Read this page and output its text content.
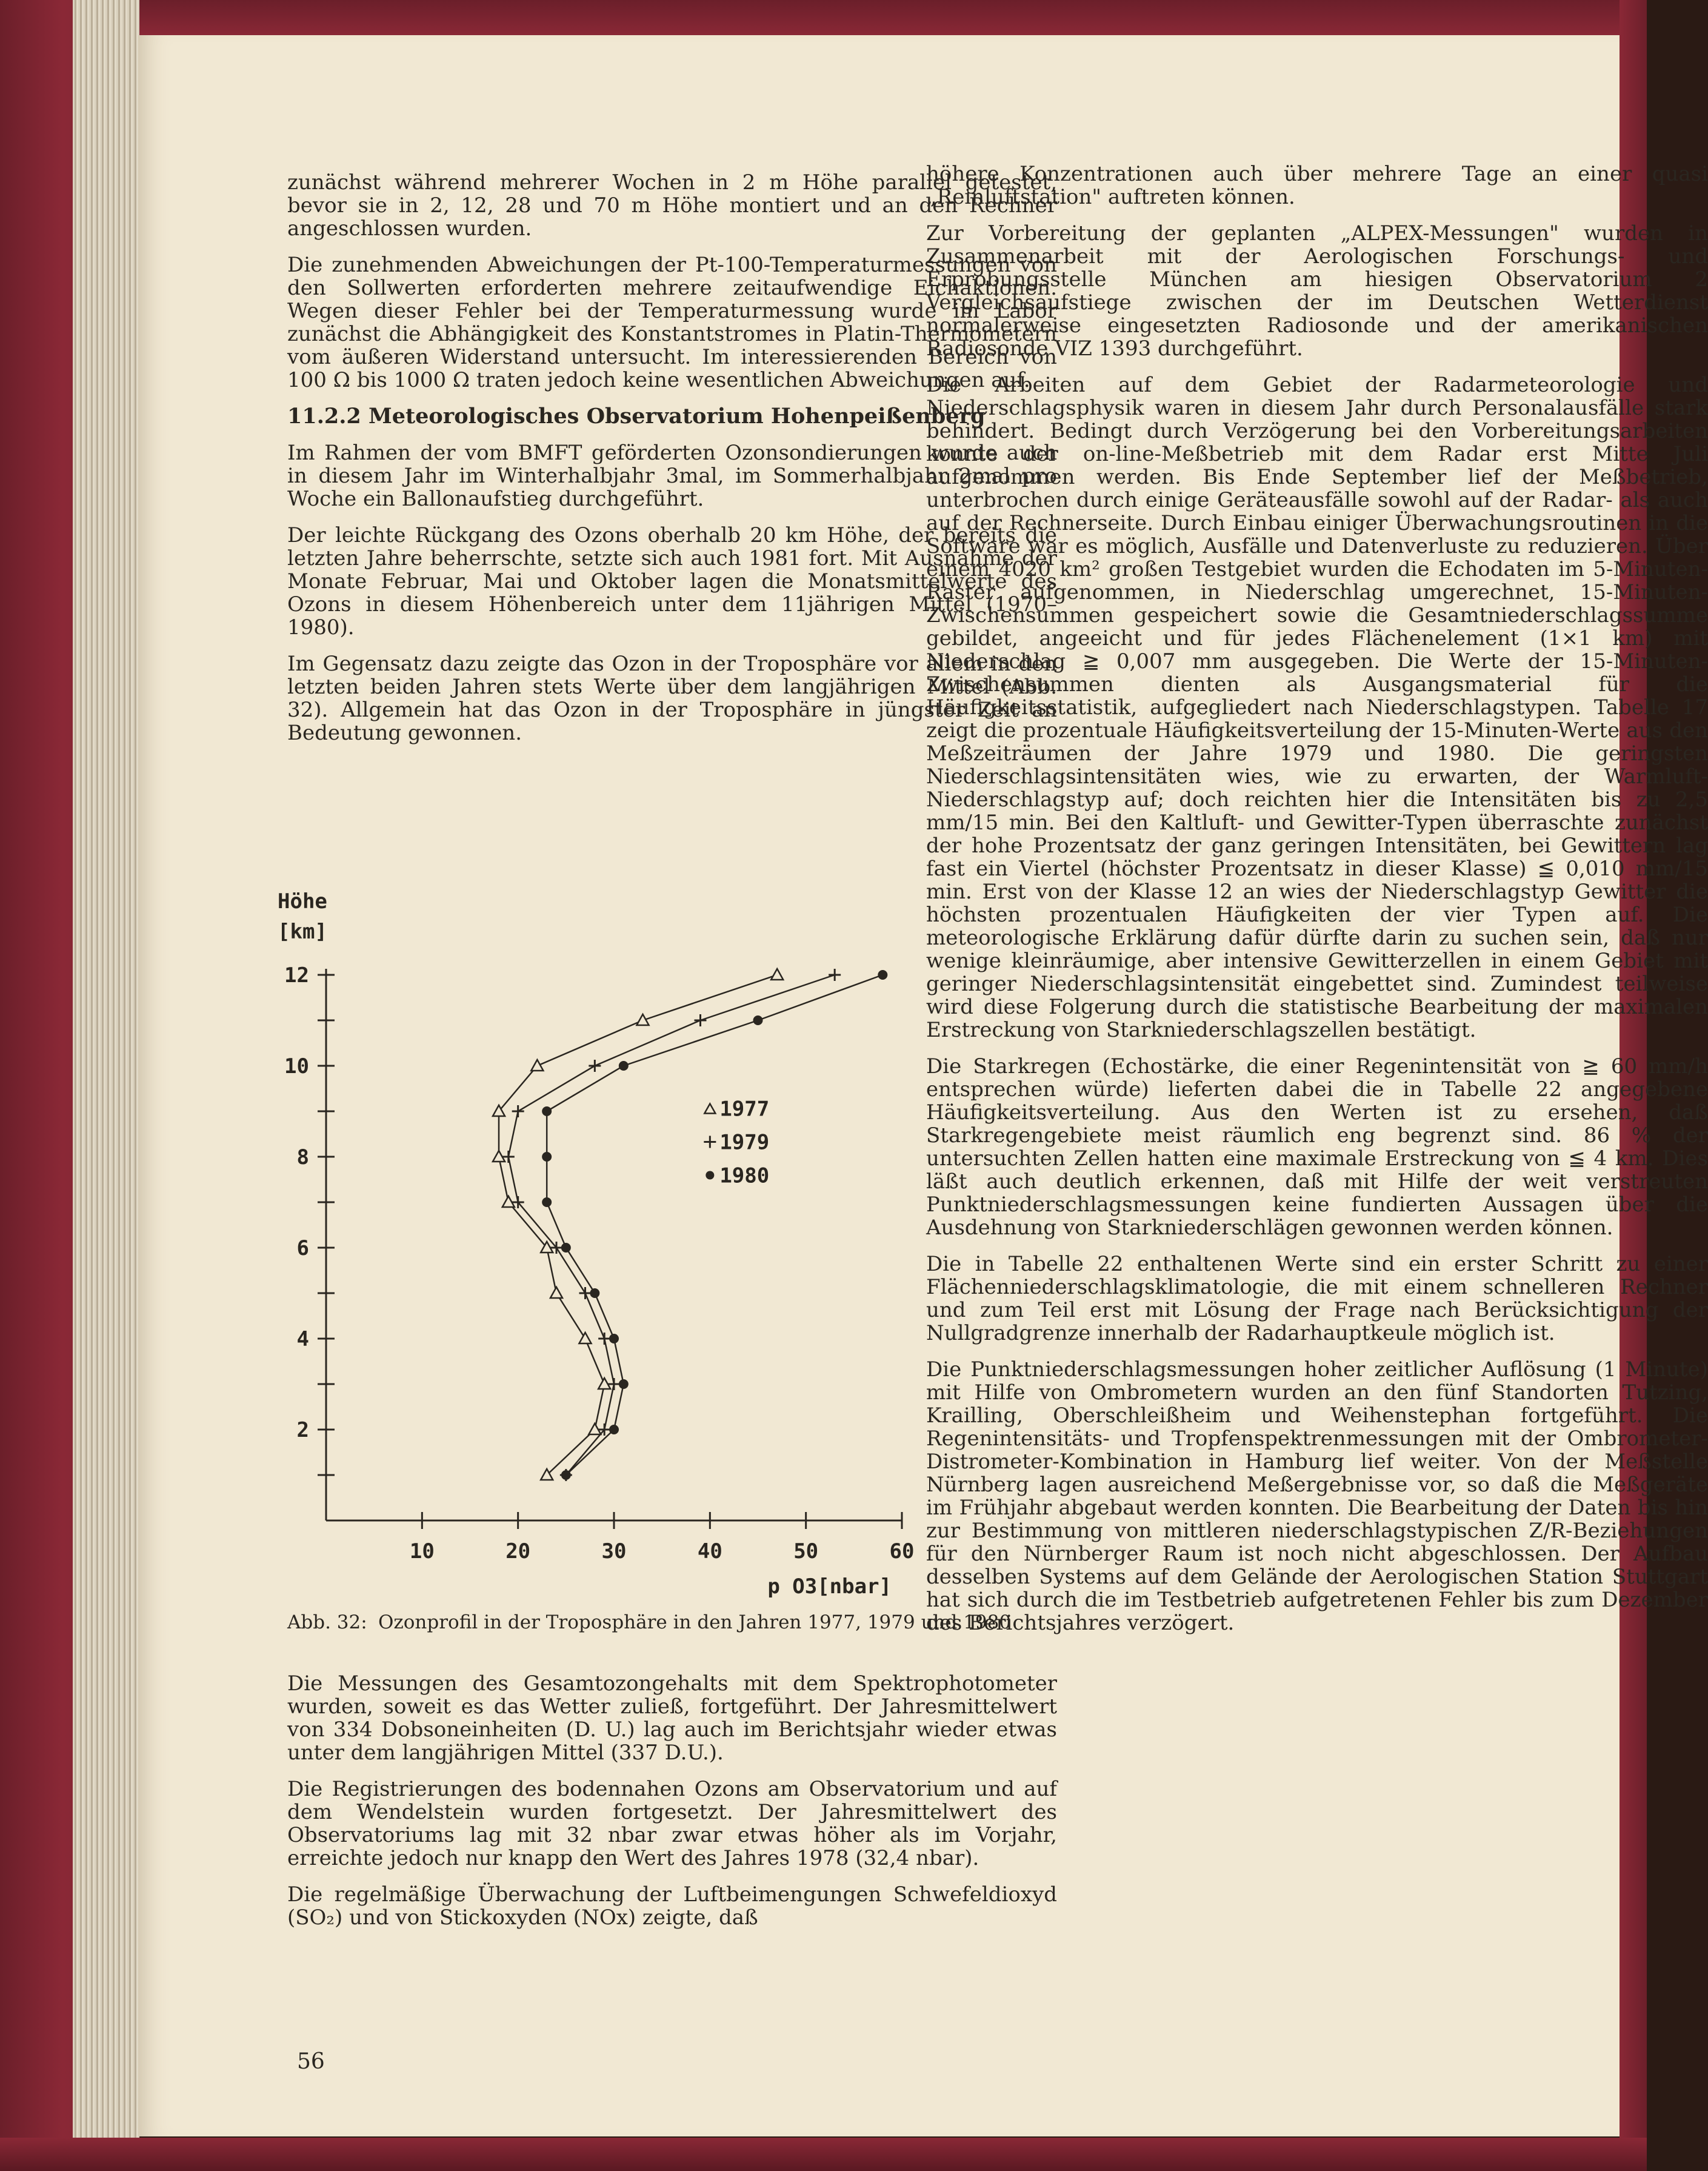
zunächst während mehrerer Wochen in 2 m Höhe parallel getestet, bevor sie in 2, 12, 28 und 70 m Höhe montiert und an den Rechner angeschlossen wurden.

Die zunehmenden Abweichungen der Pt-100-Temperaturmessungen von den Sollwerten erforderten mehrere zeitaufwendige Eichaktionen. Wegen dieser Fehler bei der Temperaturmessung wurde im Labor zunächst die Abhängigkeit des Konstantstromes in Platin-Thermometern vom äußeren Widerstand untersucht. Im interessierenden Bereich von 100 Ω bis 1000 Ω traten jedoch keine wesentlichen Abweichungen auf.

11.2.2 Meteorologisches Observatorium Hohenpeißenberg

Im Rahmen der vom BMFT geförderten Ozonsondierungen wurde auch in diesem Jahr im Winterhalbjahr 3mal, im Sommerhalbjahr 2mal pro Woche ein Ballonaufstieg durchgeführt.

Der leichte Rückgang des Ozons oberhalb 20 km Höhe, der bereits die letzten Jahre beherrschte, setzte sich auch 1981 fort. Mit Ausnahme der Monate Februar, Mai und Oktober lagen die Monatsmittelwerte des Ozons in diesem Höhenbereich unter dem 11jährigen Mittel (1970–1980).

Im Gegensatz dazu zeigte das Ozon in der Troposphäre vor allem in den letzten beiden Jahren stets Werte über dem langjährigen Mittel (Abb. 32). Allgemein hat das Ozon in der Troposphäre in jüngster Zeit an Bedeutung gewonnen.

2
4
6
8
10
12
10	20	30	40	50	60
Höhe
[km]
p O3[nbar]
1977
1979
1980
Abb. 32: Ozonprofil in der Troposphäre in den Jahren 1977, 1979 und 1980

Die Messungen des Gesamtozongehalts mit dem Spektrophotometer wurden, soweit es das Wetter zuließ, fortgeführt. Der Jahresmittelwert von 334 Dobsoneinheiten (D. U.) lag auch im Berichtsjahr wieder etwas unter dem langjährigen Mittel (337 D.U.).

Die Registrierungen des bodennahen Ozons am Observatorium und auf dem Wendelstein wurden fortgesetzt. Der Jahresmittelwert des Observatoriums lag mit 32 nbar zwar etwas höher als im Vorjahr, erreichte jedoch nur knapp den Wert des Jahres 1978 (32,4 nbar).

Die regelmäßige Überwachung der Luftbeimengungen Schwefeldioxyd (SO₂) und von Stickoxyden (NOx) zeigte, daß

höhere Konzentrationen auch über mehrere Tage an einer quasi „Reinluftstation" auftreten können.

Zur Vorbereitung der geplanten „ALPEX-Messungen" wurden in Zusammenarbeit mit der Aerologischen Forschungs- und Erprobungsstelle München am hiesigen Observatorium 2 Vergleichsaufstiege zwischen der im Deutschen Wetterdienst normalerweise eingesetzten Radiosonde und der amerikanischen Radiosonde VIZ 1393 durchgeführt.

Die Arbeiten auf dem Gebiet der Radarmeteorologie und Niederschlagsphysik waren in diesem Jahr durch Personalausfälle stark behindert. Bedingt durch Verzögerung bei den Vorbereitungsarbeiten konnte der on-line-Meßbetrieb mit dem Radar erst Mitte Juli aufgenommen werden. Bis Ende September lief der Meßbetrieb, unterbrochen durch einige Geräteausfälle sowohl auf der Radar- als auch auf der Rechnerseite. Durch Einbau einiger Überwachungsroutinen in die Software war es möglich, Ausfälle und Datenverluste zu reduzieren. Über einem 4020 km² großen Testgebiet wurden die Echodaten im 5-Minuten-Raster aufgenommen, in Niederschlag umgerechnet, 15-Minuten-Zwischensummen gespeichert sowie die Gesamtniederschlagssumme gebildet, angeeicht und für jedes Flächenelement (1×1 km) mit Niederschlag ≧ 0,007 mm ausgegeben. Die Werte der 15-Minuten-Zwischensummen dienten als Ausgangsmaterial für die Häufigkeitsstatistik, aufgegliedert nach Niederschlagstypen. Tabelle 17 zeigt die prozentuale Häufigkeitsverteilung der 15-Minuten-Werte aus den Meßzeiträumen der Jahre 1979 und 1980. Die geringsten Niederschlagsintensitäten wies, wie zu erwarten, der Warmluft-Niederschlagstyp auf; doch reichten hier die Intensitäten bis zu 2,5 mm/15 min. Bei den Kaltluft- und Gewitter-Typen überraschte zunächst der hohe Prozentsatz der ganz geringen Intensitäten, bei Gewittern lag fast ein Viertel (höchster Prozentsatz in dieser Klasse) ≦ 0,010 mm/15 min. Erst von der Klasse 12 an wies der Niederschlagstyp Gewitter die höchsten prozentualen Häufigkeiten der vier Typen auf. Die meteorologische Erklärung dafür dürfte darin zu suchen sein, daß nur wenige kleinräumige, aber intensive Gewitterzellen in einem Gebiet mit geringer Niederschlagsintensität eingebettet sind. Zumindest teilweise wird diese Folgerung durch die statistische Bearbeitung der maximalen Erstreckung von Starkniederschlagszellen bestätigt.

Die Starkregen (Echostärke, die einer Regenintensität von ≧ 60 mm/h entsprechen würde) lieferten dabei die in Tabelle 22 angegebene Häufigkeitsverteilung. Aus den Werten ist zu ersehen, daß Starkregengebiete meist räumlich eng begrenzt sind. 86 % der untersuchten Zellen hatten eine maximale Erstreckung von ≦ 4 km. Dies läßt auch deutlich erkennen, daß mit Hilfe der weit verstreuten Punktniederschlagsmessungen keine fundierten Aussagen über die Ausdehnung von Starkniederschlägen gewonnen werden können.

Die in Tabelle 22 enthaltenen Werte sind ein erster Schritt zu einer Flächenniederschlagsklimatologie, die mit einem schnelleren Rechner und zum Teil erst mit Lösung der Frage nach Berücksichtigung der Nullgradgrenze innerhalb der Radarhauptkeule möglich ist.

Die Punktniederschlagsmessungen hoher zeitlicher Auflösung (1 Minute) mit Hilfe von Ombrometern wurden an den fünf Standorten Tutzing, Krailling, Oberschleißheim und Weihenstephan fortgeführt. Die Regenintensitäts- und Tropfenspektrenmessungen mit der Ombrometer-Distrometer-Kombination in Hamburg lief weiter. Von der Meßstelle Nürnberg lagen ausreichend Meßergebnisse vor, so daß die Meßgeräte im Frühjahr abgebaut werden konnten. Die Bearbeitung der Daten bis hin zur Bestimmung von mittleren niederschlagstypischen Z/R-Beziehungen für den Nürnberger Raum ist noch nicht abgeschlossen. Der Aufbau desselben Systems auf dem Gelände der Aerologischen Station Stuttgart hat sich durch die im Testbetrieb aufgetretenen Fehler bis zum Dezember des Berichtsjahres verzögert.

56
